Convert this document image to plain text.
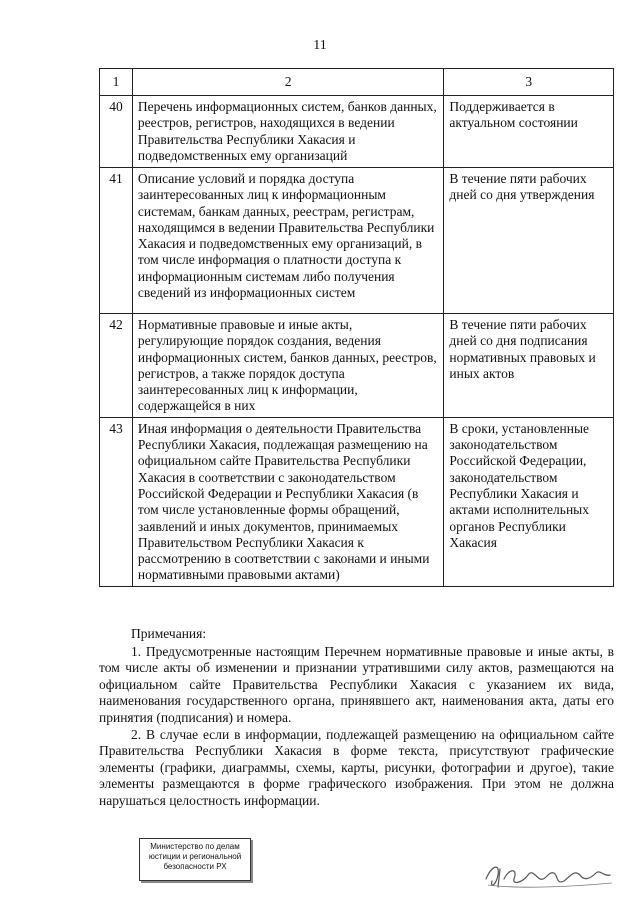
11
1	2	3
40	Перечень информационных систем, банков данных, реестров, регистров, находящихся в ведении Правительства Республики Хакасия и подведомственных ему организаций	Поддерживается в актуальном состоянии
41	Описание условий и порядка доступа заинтересованных лиц к информационным системам, банкам данных, реестрам, регистрам, находящимся в ведении Правительства Республики Хакасия и подведомственных ему организаций, в том числе информация о платности доступа к информационным системам либо получения сведений из информационных систем	В течение пяти рабочих дней со дня утверждения
42	Нормативные правовые и иные акты, регулирующие порядок создания, ведения информационных систем, банков данных, реестров, регистров, а также порядок доступа заинтересованных лиц к информации, содержащейся в них	В течение пяти рабочих дней со дня подписания нормативных правовых и иных актов
43	Иная информация о деятельности Правительства Республики Хакасия, подлежащая размещению на официальном сайте Правительства Республики Хакасия в соответствии с законодательством Российской Федерации и Республики Хакасия (в том числе установленные формы обращений, заявлений и иных документов, принимаемых Правительством Республики Хакасия к рассмотрению в соответствии с законами и иными нормативными правовыми актами)	В сроки, установленные законодательством Российской Федерации, законодательством Республики Хакасия и актами исполнительных органов Республики Хакасия

Примечания:

1. Предусмотренные настоящим Перечнем нормативные правовые и иные акты, в том числе акты об изменении и признании утратившими силу актов, размещаются на официальном сайте Правительства Республики Хакасия с указанием их вида, наименования государственного органа, принявшего акт, наименования акта, даты его принятия (подписания) и номера.

2. В случае если в информации, подлежащей размещению на официальном сайте Правительства Республики Хакасия в форме текста, присутствуют графические элементы (графики, диаграммы, схемы, карты, рисунки, фотографии и другое), такие элементы размещаются в форме графического изображения. При этом не должна нарушаться целостность информации.

Министерство по делам
юстиции и региональной
безопасности РХ
